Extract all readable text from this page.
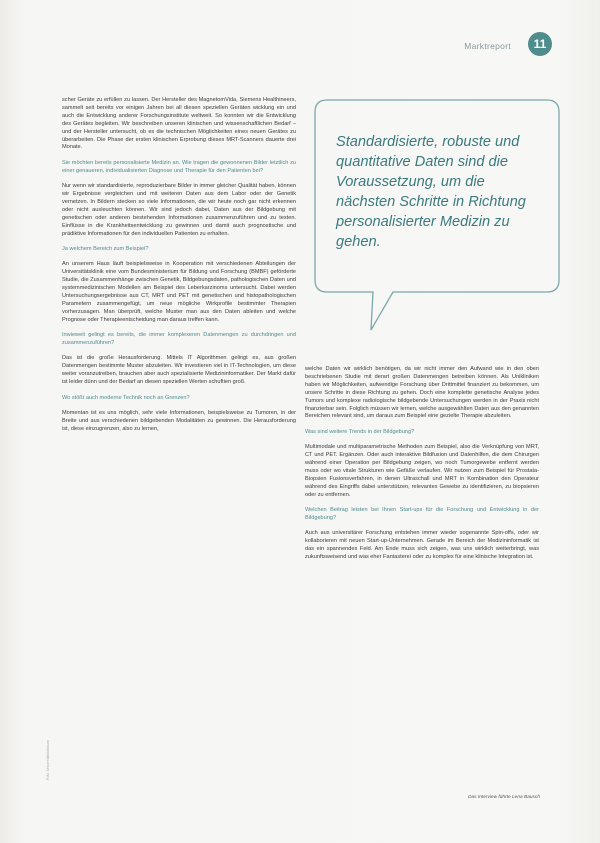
Marktreport	11

scher Geräte zu erfüllen zu lassen. Der Hersteller des MagnetomVida, Siemens Healthineers, sammelt seit bereits vor einigen Jahren bei all diesen speziellen Geräten wicklung ein und auch die Entwicklung anderer Forschungsinstitute weltweit. So konnten wir die Entwicklung des Gerätes begleiten. Wir beschreiben unseren klinischen und wissenschaftlichen Bedarf – und der Hersteller untersucht, ob es die technischen Möglichkeiten eines neuen Gerätes zu überarbeiten. Die Phase der ersten klinischen Erprobung dieses MRT-Scanners dauerte drei Monate.

Sie möchten bereits personalisierte Medizin an. Wie tragen die gewonnenen Bilder letztlich zu einer genaueren, individualisierten Diagnose und Therapie für den Patienten bei?

Nur wenn wir standardisierte, reproduzierbare Bilder in immer gleicher Qualität haben, können wir Ergebnisse vergleichen und mit weiteren Daten aus dem Labor oder der Genetik vernetzen. In Bildern stecken so viele Informationen, die wir heute noch gar nicht erkennen oder nicht ausleuchten können. Wir sind jedoch dabei, Daten aus der Bildgebung mit genetischen oder anderen bestehenden Informationen zusammenzuführen und zu testen. Einflüsse in die Krankheitsentwicklung zu gewinnen und damit auch prognostische und prädiktive Informationen für den individuellen Patienten zu erhalten.

Ja welchem Bereich zum Beispiel?

An unserem Haus läuft beispielsweise in Kooperation mit verschiedenen Abteilungen der Universitätsklinik eine vom Bundesministerium für Bildung und Forschung (BMBF) geförderte Studie, die Zusammenhänge zwischen Genetik, Bildgebungsdaten, pathologischen Daten und systemmedizinischen Modellen am Beispiel des Leberkarzinoms untersucht. Dabei werden Untersuchungsergebnisse aus CT, MRT und PET mit genetischen und histopathologischen Parametern zusammengefügt, um neue mögliche Wirkprofile bestimmter Therapien vorherzusagen. Man überprüft, welche Muster man aus den Daten ableiten und welche Prognose oder Therapieentscheidung man daraus treffen kann.

Inwieweit gelingt es bereits, die immer komplexeren Datenmengen zu durchdringen und zusammenzuführen?

Das ist die große Herausforderung. Mittels IT Algorithmen gelingt es, aus großen Datenmengen bestimmte Muster abzuleiten. Wir investieren viel in IT-Technologien, um diese weiter voranzutreiben, brauchen aber auch spezialisierte Medizininformatiker. Der Markt dafür ist leider dünn und der Bedarf an diesen speziellen Werten schuftien groß.

Wo stößt auch moderne Technik noch an Grenzen?

Momentan ist es uns möglich, sehr viele Informationen, beispielsweise zu Tumoren, in der Breite und aus verschiedenen bildgebenden Modalitäten zu gewinnen. Die Herausforderung ist, diese einzugrenzen, also zu lernen,

Standardisierte, robuste und quantitative Daten sind die Voraussetzung, um die nächsten Schritte in Richtung personalisierter Medizin zu gehen.

welche Daten wir wirklich benötigen, da wir nicht immer den Aufwand wie in den oben beschriebenen Studie mit derart großen Datenmengen betreiben können. Als Unikliniken haben wir Möglichkeiten, aufwendige Forschung über Drittmittel finanziert zu bekommen, um unsere Schritte in diese Richtung zu gehen. Doch eine komplette genetische Analyse jedes Tumors und komplexe radiologische bildgebende Untersuchungen werden in der Praxis nicht finanzierbar sein. Folglich müssen wir lernen, welche ausgewählten Daten aus den genannten Bereichen relevant sind, um daraus zum Beispiel eine gezielte Therapie abzuleiten.

Was sind weitere Trends in der Bildgebung?

Multimodale und multiparametrische Methoden zum Beispiel, also die Verknüpfung von MRT, CT und PET. Ergänzen. Oder auch interaktive Bildfusion und Datenhilfen, die dem Chirurgen während einer Operation per Bildgebung zeigen, wo noch Tumorgewebe entfernt werden muss oder wo vitale Strukturen wie Gefäße verlaufen. Wir nutzen zum Beispiel für Prostata-Biopsien Fusionsverfahren, in denen Ultraschall und MRT in Kombination den Operateur während des Eingriffs dabei unterstützen, relevantes Gewebe zu identifizieren, zu biopsieren oder zu entfernen.

Welchen Beitrag leisten bei Ihnen Start-ups für die Forschung und Entwicklung in der Bildgebung?

Auch aus universitärer Forschung entstehen immer wieder sogenannte Spin-offs, oder wir kollaborieren mit neuen Start-up-Unternehmen. Gerade im Bereich der Medizininformatik ist das ein spannendes Feld. Am Ende muss sich zeigen, was uns wirklich weiterbringt, was zukunftsweisend und was eher Fantasterei oder zu komplex für eine klinische Integration ist.

Das Interview führte Lena Bausch
Foto: Universitätsklinikum
